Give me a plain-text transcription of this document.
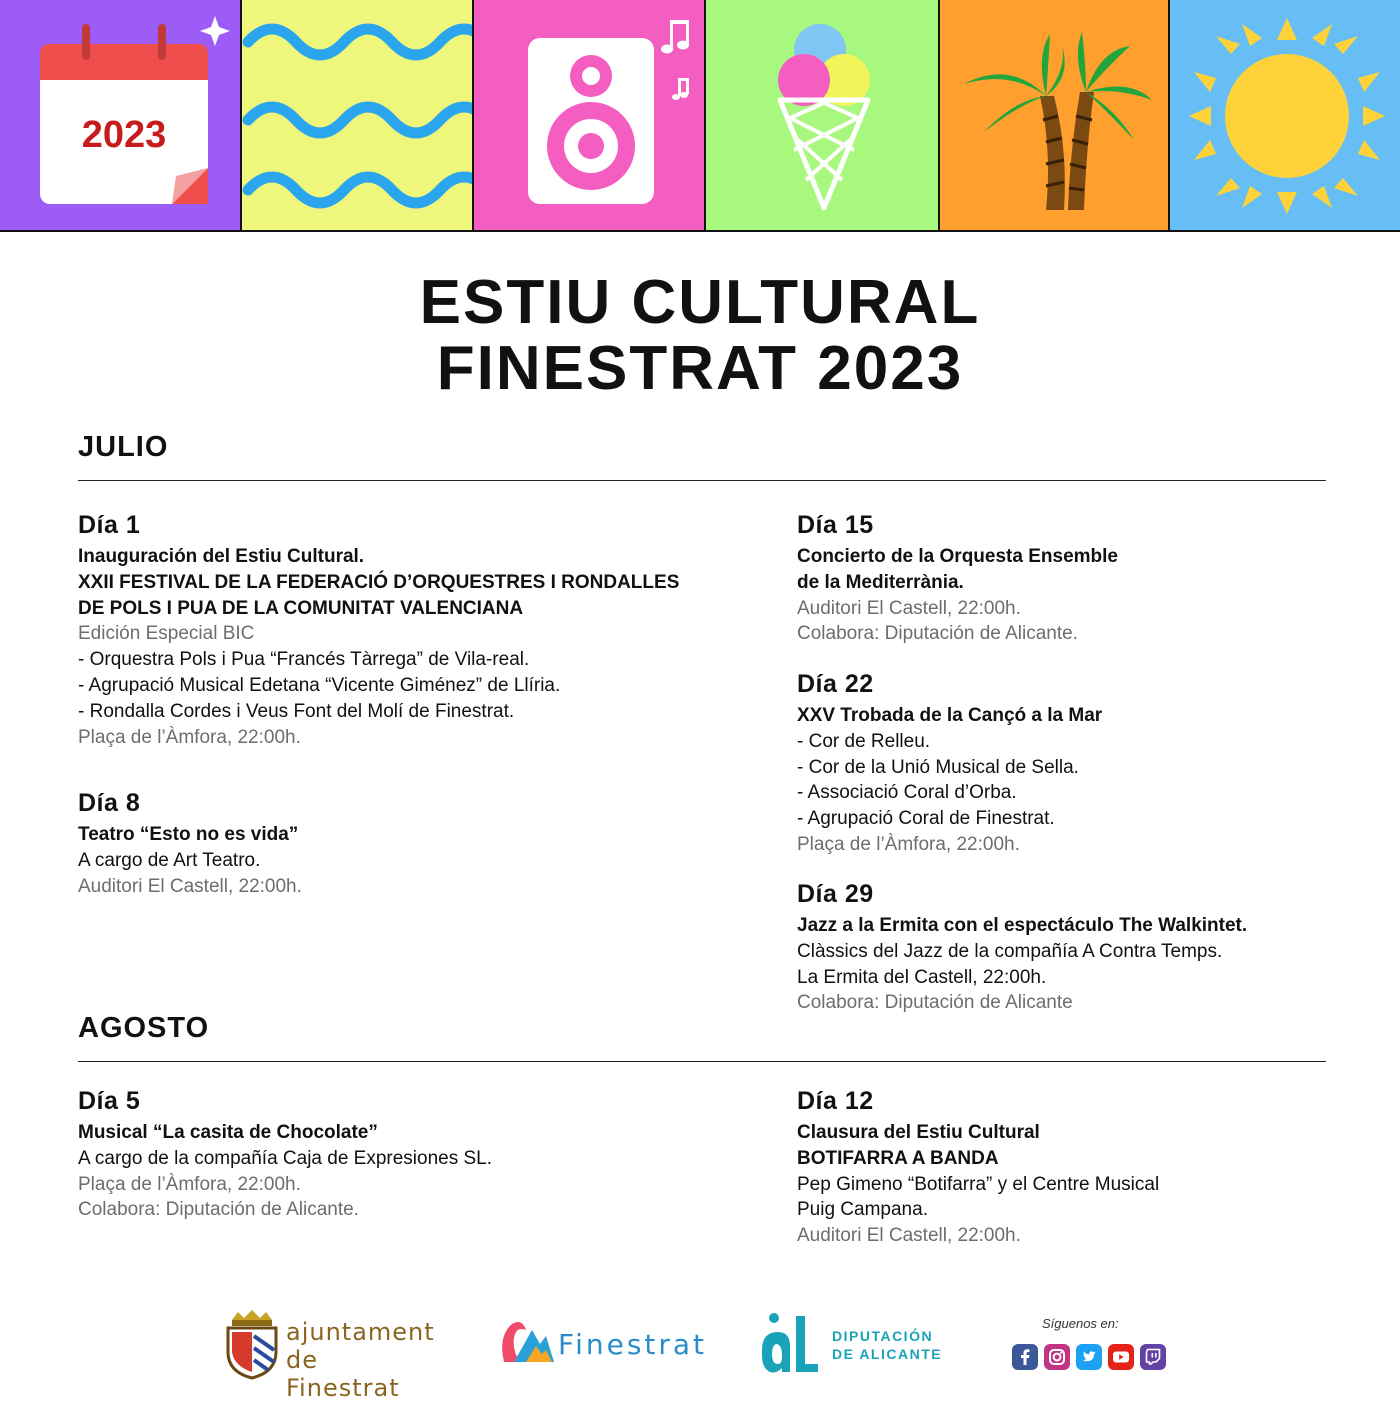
2023
ESTIU CULTURAL
FINESTRAT 2023
JULIO
Día 1
Inauguración del Estiu Cultural.
XXII FESTIVAL DE LA FEDERACIÓ D’ORQUESTRES I RONDALLES
DE POLS I PUA DE LA COMUNITAT VALENCIANA
Edición Especial BIC
- Orquestra Pols i Pua “Francés Tàrrega” de Vila-real.
- Agrupació Musical Edetana “Vicente Giménez” de Llíria.
- Rondalla Cordes i Veus Font del Molí de Finestrat.
Plaça de l’Àmfora, 22:00h.
Día 8
Teatro “Esto no es vida”
A cargo de Art Teatro.
Auditori El Castell, 22:00h.
Día 15
Concierto de la Orquesta Ensemble
de la Mediterrània.
Auditori El Castell, 22:00h.
Colabora: Diputación de Alicante.
Día 22
XXV Trobada de la Cançó a la Mar
- Cor de Relleu.
- Cor de la Unió Musical de Sella.
- Associació Coral d’Orba.
- Agrupació Coral de Finestrat.
Plaça de l’Àmfora, 22:00h.
Día 29
Jazz a la Ermita con el espectáculo The Walkintet.
Clàssics del Jazz de la compañía A Contra Temps.
La Ermita del Castell, 22:00h.
Colabora: Diputación de Alicante
AGOSTO
Día 5
Musical “La casita de Chocolate”
A cargo de la compañía Caja de Expresiones SL.
Plaça de l’Àmfora, 22:00h.
Colabora: Diputación de Alicante.
Día 12
Clausura del Estiu Cultural
BOTIFARRA A BANDA
Pep Gimeno “Botifarra” y el Centre Musical
Puig Campana.
Auditori El Castell, 22:00h.
ajuntament
de Finestrat
Finestrat	DIPUTACIÓN
DE ALICANTE
Síguenos en:
